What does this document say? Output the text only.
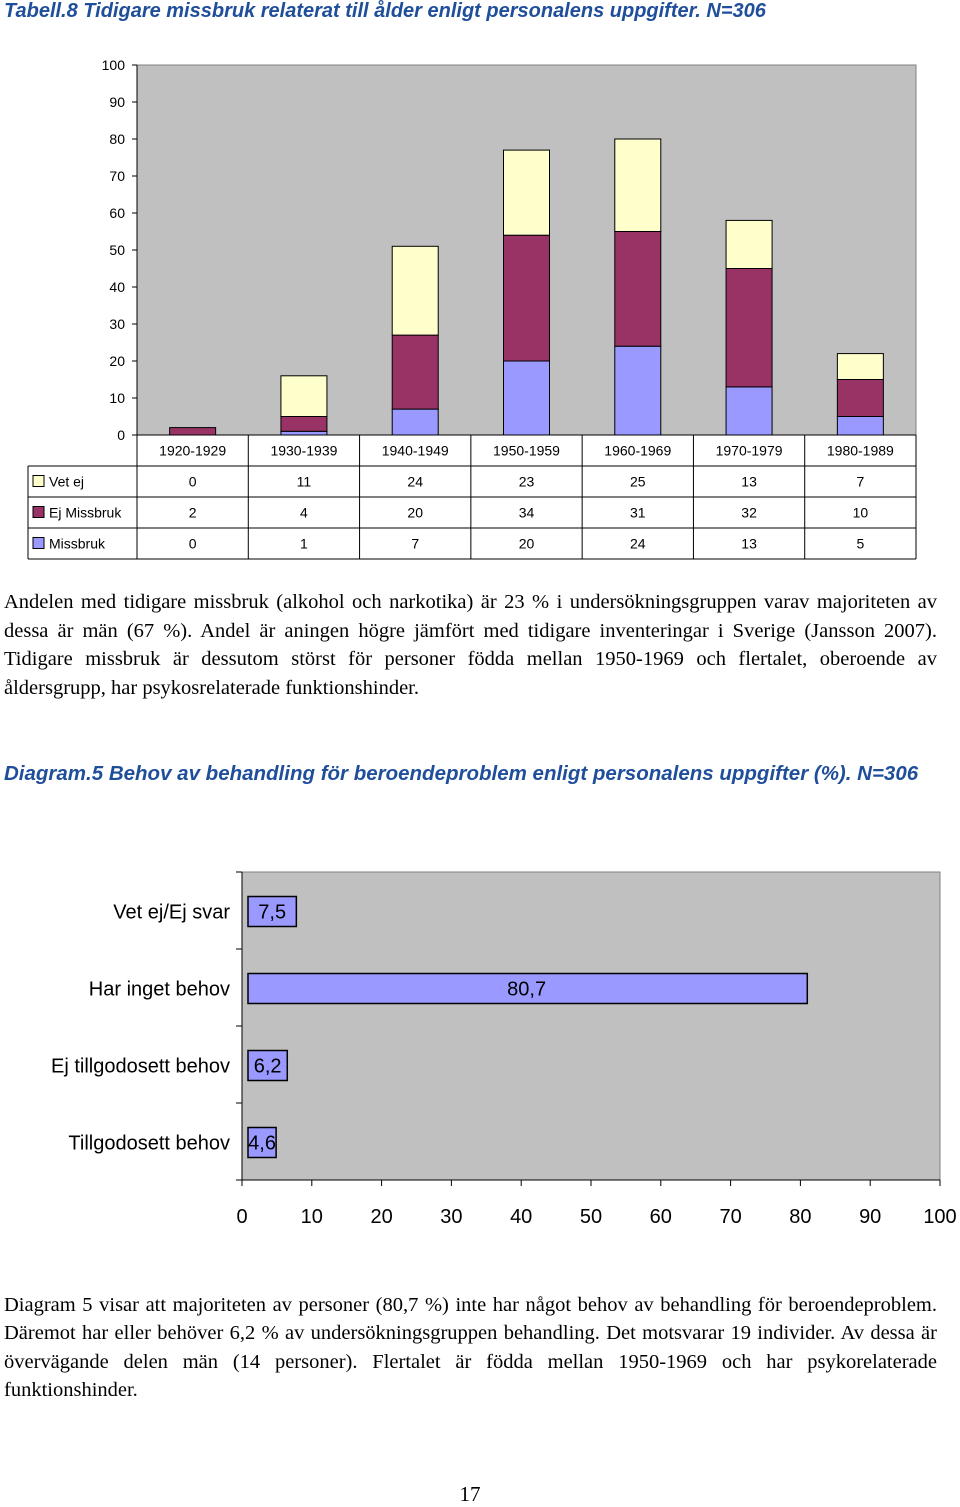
Tabell.8 Tidigare missbruk relaterat till ålder enligt personalens uppgifter. N=306
0
10
20
30
40
50
60
70
80
90
100
1920-1929	1930-1939	1940-1949	1950-1959	1960-1969	1970-1979	1980-1989
Vet ej	0	11	24	23	25	13	7
Ej Missbruk	2	4	20	34	31	32	10
Missbruk	0	1	7	20	24	13	5

Andelen med tidigare missbruk (alkohol och narkotika) är 23 % i undersökningsgruppen varav majoriteten av dessa är män (67 %). Andel är aningen högre jämfört med tidigare inventeringar i Sverige (Jansson 2007). Tidigare missbruk är dessutom störst för personer födda mellan 1950-1969 och flertalet, oberoende av åldersgrupp, har psykosrelaterade funktionshinder.

Diagram.5 Behov av behandling för beroendeproblem enligt personalens uppgifter (%). N=306

0	10 20 30 40 50 60 70 80 90 100
Vet ej/Ej svar 7,5
Har inget behov	80,7
Ej tillgodosett behov 6,2
Tillgodosett behov 4,6

Diagram 5 visar att majoriteten av personer (80,7 %) inte har något behov av behandling för beroendeproblem. Däremot har eller behöver 6,2 % av undersökningsgruppen behandling. Det motsvarar 19 individer. Av dessa är övervägande delen män (14 personer). Flertalet är födda mellan 1950-1969 och har psykorelaterade funktionshinder.

17
